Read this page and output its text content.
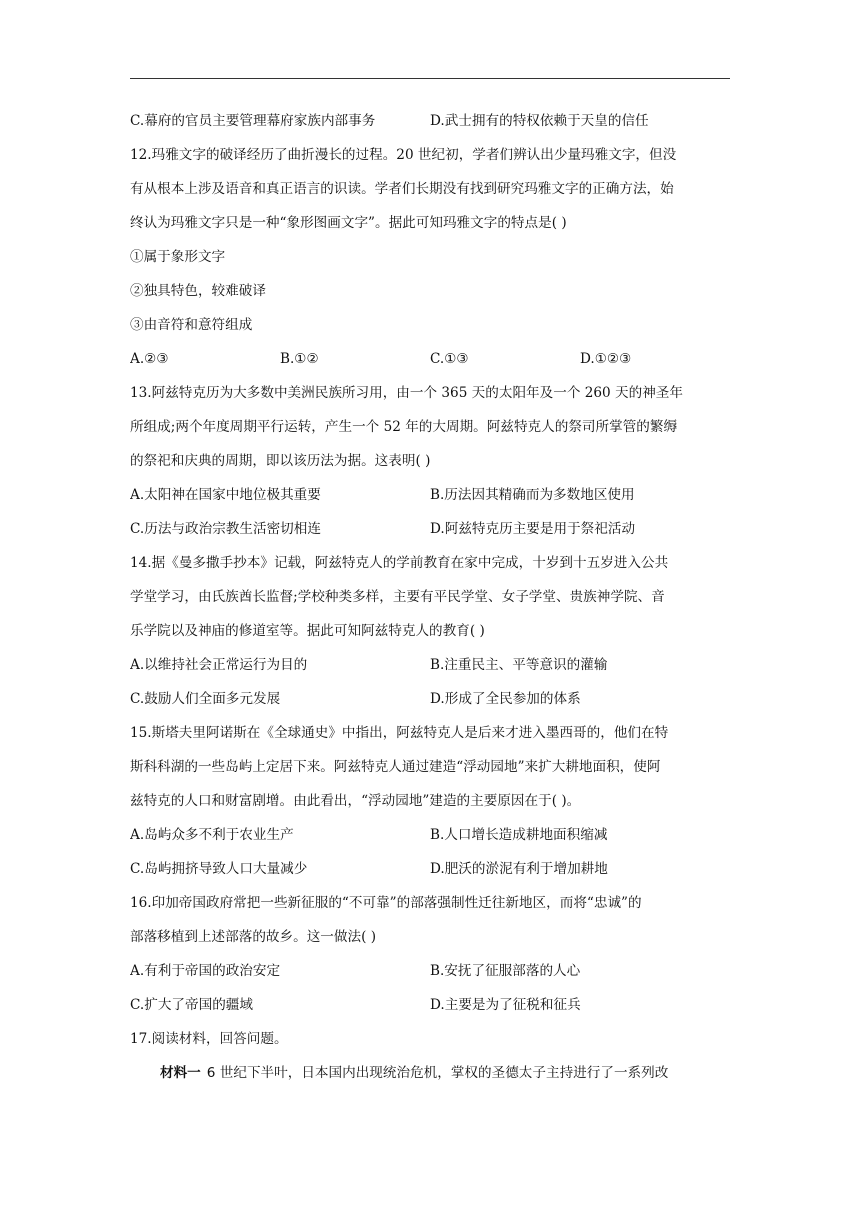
C.幕府的官员主要管理幕府家族内部事务	D.武士拥有的特权依赖于天皇的信任
12.玛雅文字的破译经历了曲折漫长的过程。20 世纪初，学者们辨认出少量玛雅文字，但没
有从根本上涉及语音和真正语言的识读。学者们长期没有找到研究玛雅文字的正确方法，始
终认为玛雅文字只是一种“象形图画文字”。据此可知玛雅文字的特点是( )
①属于象形文字
②独具特色，较难破译
③由音符和意符组成
A.②③	B.①②	C.①③	D.①②③
13.阿兹特克历为大多数中美洲民族所习用，由一个 365 天的太阳年及一个 260 天的神圣年
所组成;两个年度周期平行运转，产生一个 52 年的大周期。阿兹特克人的祭司所掌管的繁缛
的祭祀和庆典的周期，即以该历法为据。这表明( )
A.太阳神在国家中地位极其重要	B.历法因其精确而为多数地区使用
C.历法与政治宗教生活密切相连	D.阿兹特克历主要是用于祭祀活动
14.据《曼多撒手抄本》记载，阿兹特克人的学前教育在家中完成，十岁到十五岁进入公共
学堂学习，由氏族酋长监督;学校种类多样，主要有平民学堂、女子学堂、贵族神学院、音
乐学院以及神庙的修道室等。据此可知阿兹特克人的教育( )
A.以维持社会正常运行为目的	B.注重民主、平等意识的灌输
C.鼓励人们全面多元发展	D.形成了全民参加的体系
15.斯塔夫里阿诺斯在《全球通史》中指出，阿兹特克人是后来才进入墨西哥的，他们在特
斯科科湖的一些岛屿上定居下来。阿兹特克人通过建造“浮动园地”来扩大耕地面积，使阿
兹特克的人口和财富剧增。由此看出，“浮动园地”建造的主要原因在于( )。
A.岛屿众多不利于农业生产	B.人口增长造成耕地面积缩减
C.岛屿拥挤导致人口大量减少	D.肥沃的淤泥有利于增加耕地
16.印加帝国政府常把一些新征服的“不可靠”的部落强制性迁往新地区，而将“忠诚”的
部落移植到上述部落的故乡。这一做法( )
A.有利于帝国的政治安定	B.安抚了征服部落的人心
C.扩大了帝国的疆域	D.主要是为了征税和征兵
17.阅读材料，回答问题。
材料一 6 世纪下半叶，日本国内出现统治危机，掌权的圣德太子主持进行了一系列改
